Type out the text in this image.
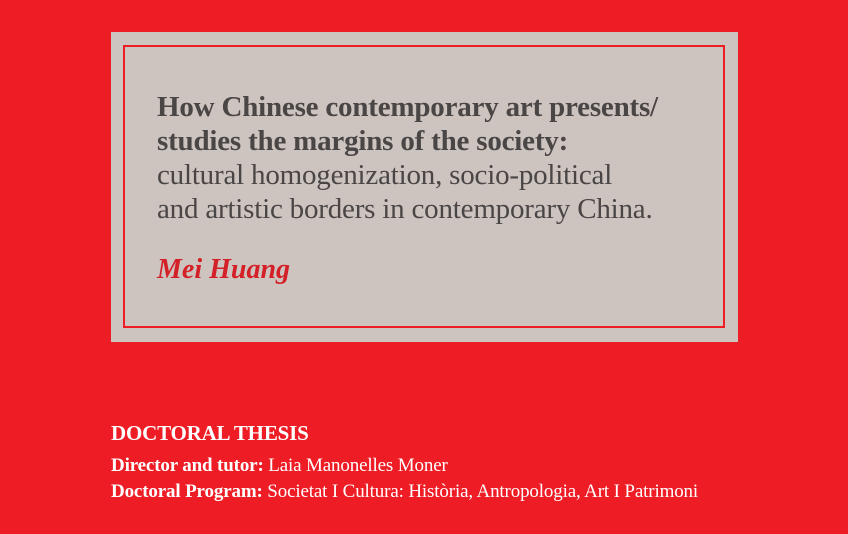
How Chinese contemporary art presents/

studies the margins of the society:

cultural homogenization, socio-political

and artistic borders in contemporary China.

Mei Huang

DOCTORAL THESIS

Director and tutor: Laia Manonelles Moner

Doctoral Program: Societat I Cultura: Història, Antropologia, Art I Patrimoni
